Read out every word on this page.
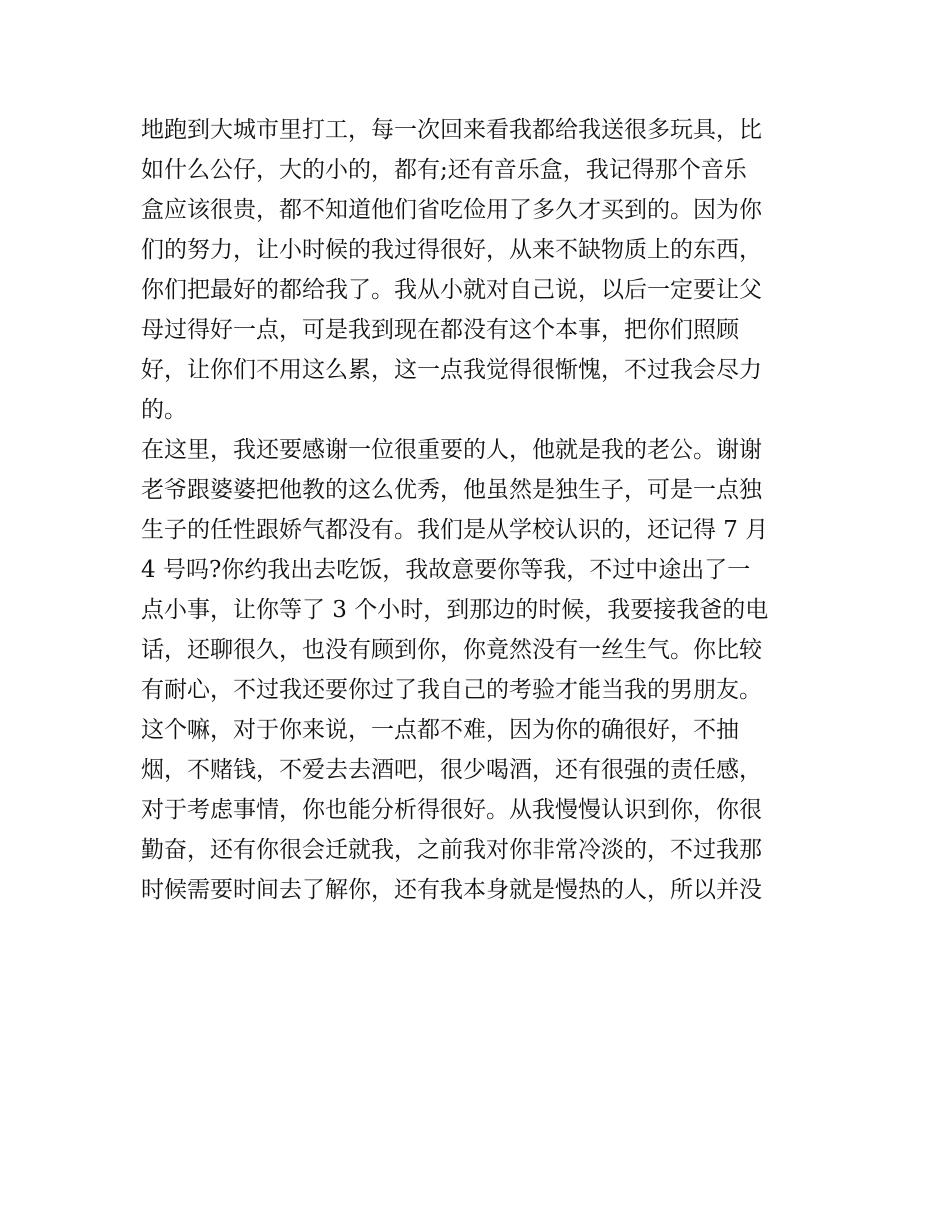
地跑到大城市里打工，每一次回来看我都给我送很多玩具，比
如什么公仔，大的小的，都有;还有音乐盒，我记得那个音乐
盒应该很贵，都不知道他们省吃俭用了多久才买到的。因为你
们的努力，让小时候的我过得很好，从来不缺物质上的东西，
你们把最好的都给我了。我从小就对自己说，以后一定要让父
母过得好一点，可是我到现在都没有这个本事，把你们照顾
好，让你们不用这么累，这一点我觉得很惭愧，不过我会尽力
的。
在这里，我还要感谢一位很重要的人，他就是我的老公。谢谢
老爷跟婆婆把他教的这么优秀，他虽然是独生子，可是一点独
生子的任性跟娇气都没有。我们是从学校认识的，还记得 7 月
4 号吗?你约我出去吃饭，我故意要你等我，不过中途出了一
点小事，让你等了 3 个小时，到那边的时候，我要接我爸的电
话，还聊很久，也没有顾到你，你竟然没有一丝生气。你比较
有耐心，不过我还要你过了我自己的考验才能当我的男朋友。
这个嘛，对于你来说，一点都不难，因为你的确很好，不抽
烟，不赌钱，不爱去去酒吧，很少喝酒，还有很强的责任感，
对于考虑事情，你也能分析得很好。从我慢慢认识到你，你很
勤奋，还有你很会迁就我，之前我对你非常冷淡的，不过我那
时候需要时间去了解你，还有我本身就是慢热的人，所以并没
